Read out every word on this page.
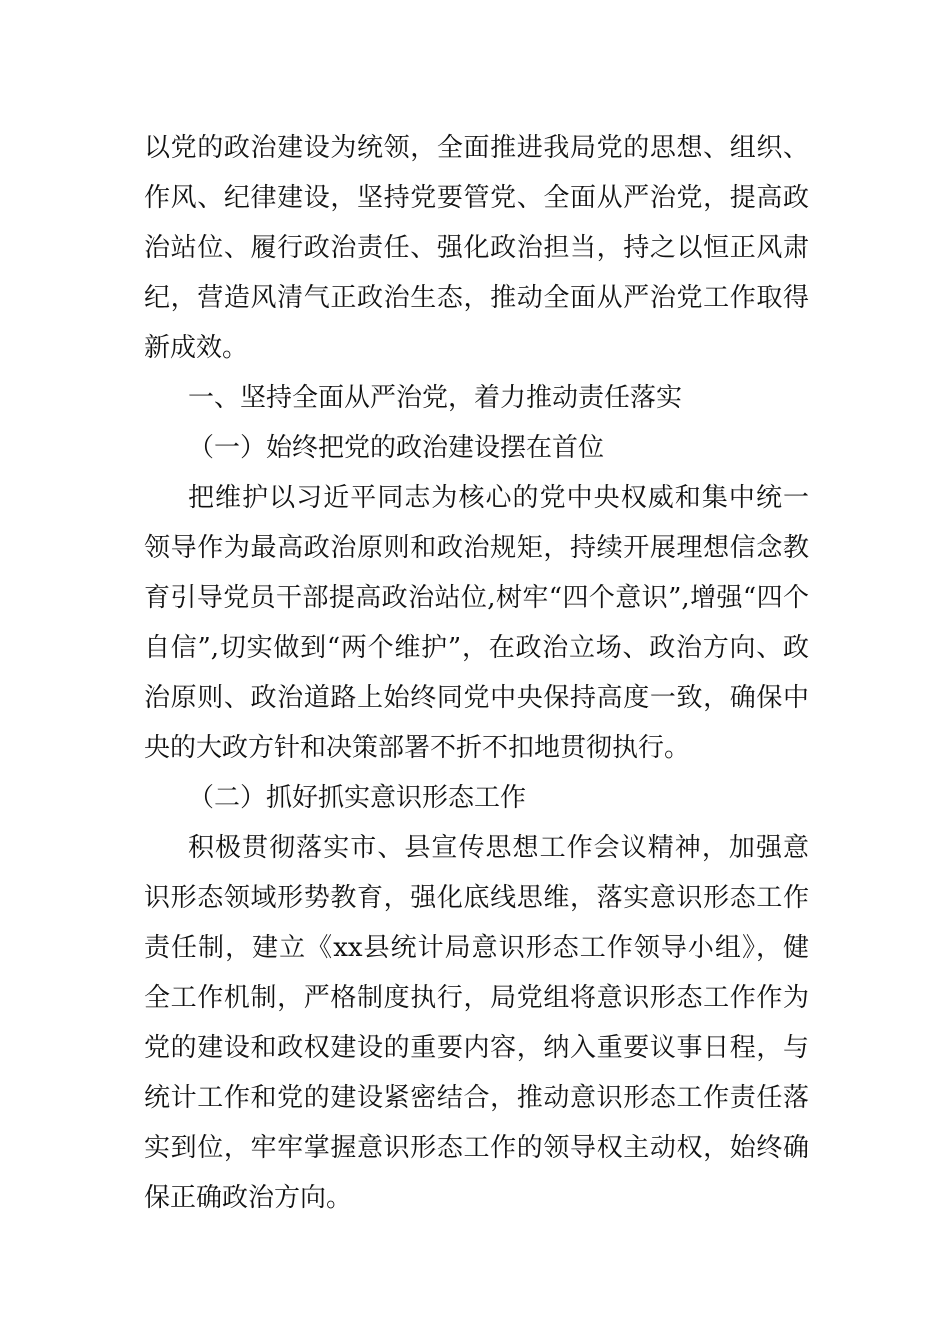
以党的政治建设为统领，全面推进我局党的思想、组织、作风、纪律建设，坚持党要管党、全面从严治党，提高政治站位、履行政治责任、强化政治担当，持之以恒正风肃纪，营造风清气正政治生态，推动全面从严治党工作取得新成效。

一、坚持全面从严治党，着力推动责任落实

（一）始终把党的政治建设摆在首位

把维护以习近平同志为核心的党中央权威和集中统一领导作为最高政治原则和政治规矩，持续开展理想信念教育引导党员干部提高政治站位,树牢“四个意识”,增强“四个自信”,切实做到“两个维护”，在政治立场、政治方向、政治原则、政治道路上始终同党中央保持高度一致，确保中央的大政方针和决策部署不折不扣地贯彻执行。

（二）抓好抓实意识形态工作

积极贯彻落实市、县宣传思想工作会议精神，加强意识形态领域形势教育，强化底线思维，落实意识形态工作责任制，建立《xx县统计局意识形态工作领导小组》，健全工作机制，严格制度执行，局党组将意识形态工作作为党的建设和政权建设的重要内容，纳入重要议事日程，与统计工作和党的建设紧密结合，推动意识形态工作责任落实到位，牢牢掌握意识形态工作的领导权主动权，始终确保正确政治方向。
